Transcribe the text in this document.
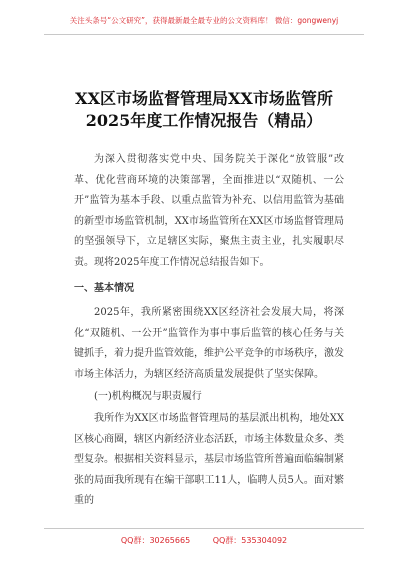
关注头条号“公文研究”，获得最新最全最专业的公文资料库！ 微信：gongwenyj
XX区市场监督管理局XX市场监管所
2025年度工作情况报告（精品）

为深入贯彻落实党中央、国务院关于深化“放管服”改革、优化营商环境的决策部署，全面推进以“双随机、一公开”监管为基本手段、以重点监管为补充、以信用监管为基础的新型市场监管机制，XX市场监管所在XX区市场监督管理局的坚强领导下，立足辖区实际，聚焦主责主业，扎实履职尽责。现将2025年度工作情况总结报告如下。

一、基本情况

2025年，我所紧密围绕XX区经济社会发展大局，将深化“双随机、一公开”监管作为事中事后监管的核心任务与关键抓手，着力提升监管效能，维护公平竞争的市场秩序，激发市场主体活力，为辖区经济高质量发展提供了坚实保障。

(一)机构概况与职责履行

我所作为XX区市场监督管理局的基层派出机构，地处XX区核心商圈，辖区内新经济业态活跃，市场主体数量众多、类型复杂。根据相关资料显示，基层市场监管所普遍面临编制紧张的局面我所现有在编干部职工11人，临聘人员5人。面对繁重的

QQ群：30265665	QQ群：535304092
